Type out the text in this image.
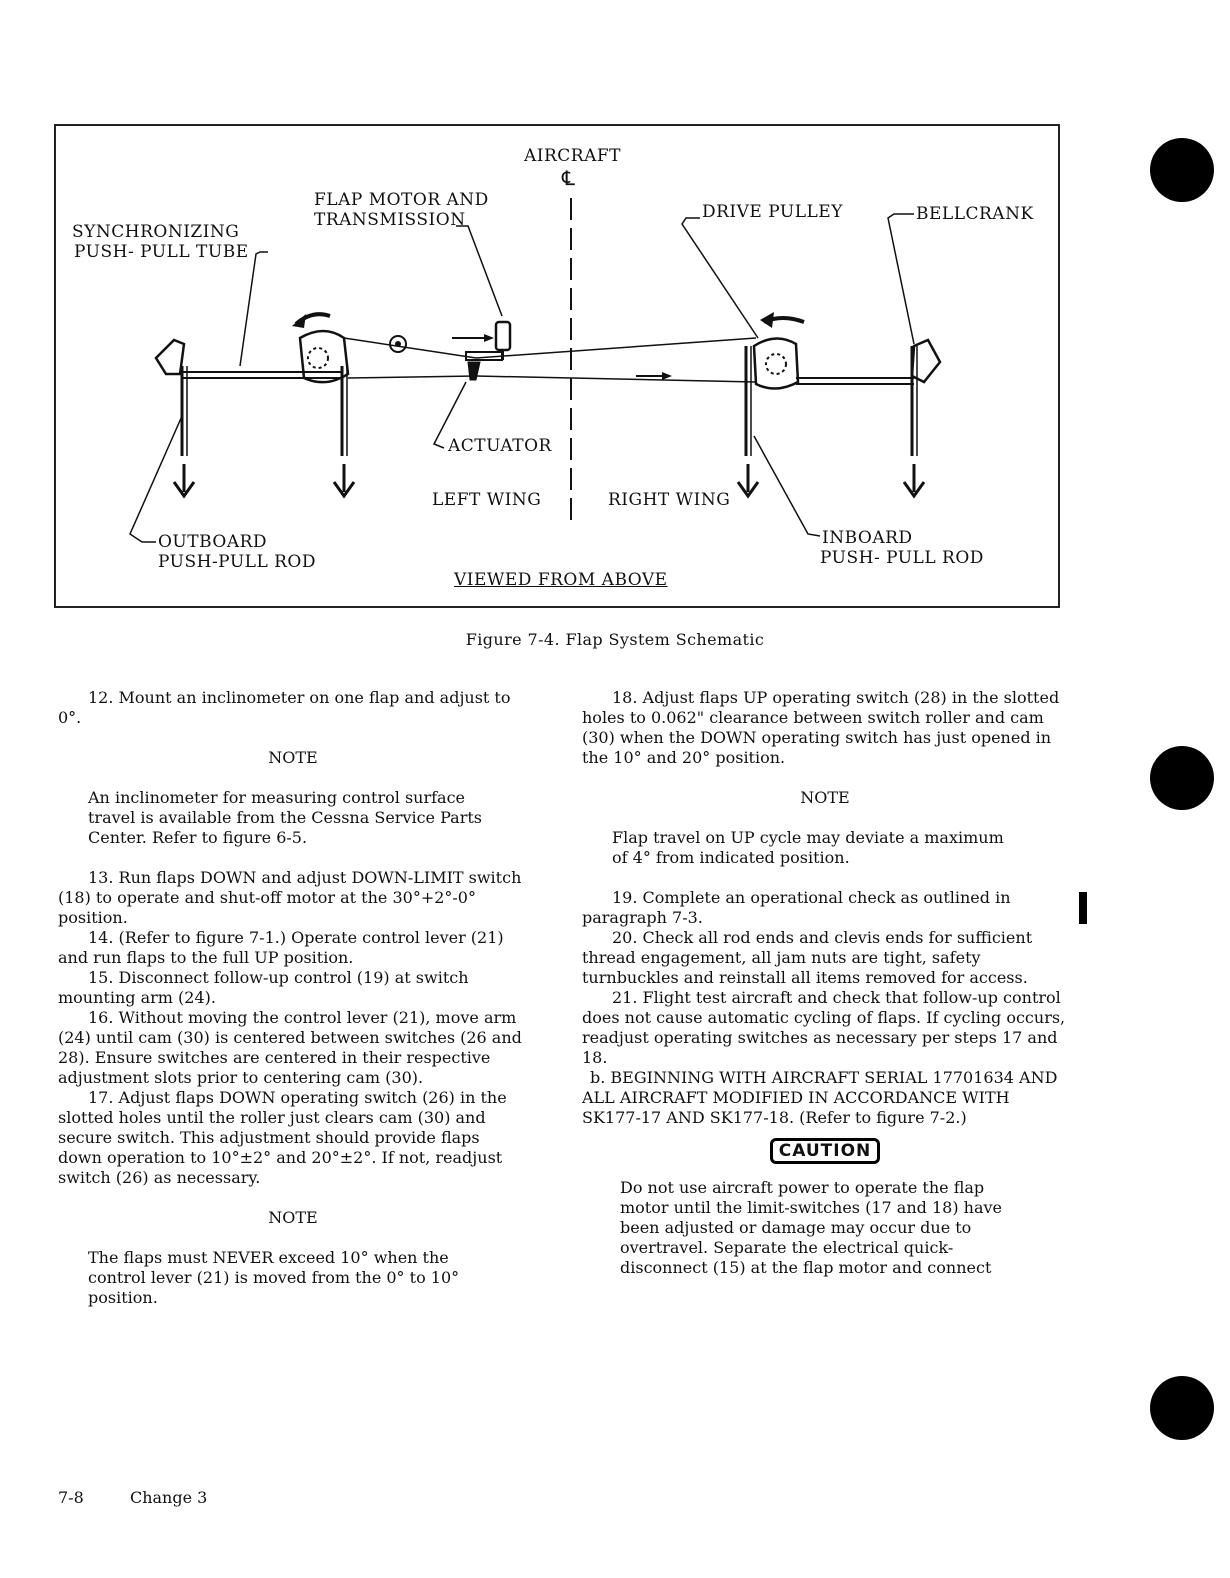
AIRCRAFT
℄
FLAP MOTOR AND
TRANSMISSION
SYNCHRONIZING
PUSH- PULL TUBE
DRIVE PULLEY	BELLCRANK
ACTUATOR
LEFT WING	RIGHT WING
OUTBOARD
PUSH-PULL ROD
INBOARD
PUSH- PULL ROD
VIEWED FROM ABOVE
Figure 7-4. Flap System Schematic

12. Mount an inclinometer on one flap and adjust to 0°.

NOTE

An inclinometer for measuring control surface travel is available from the Cessna Service Parts Center. Refer to figure 6-5.

13. Run flaps DOWN and adjust DOWN-LIMIT switch (18) to operate and shut-off motor at the 30°+2°-0° position.

14. (Refer to figure 7-1.) Operate control lever (21) and run flaps to the full UP position.

15. Disconnect follow-up control (19) at switch mounting arm (24).

16. Without moving the control lever (21), move arm (24) until cam (30) is centered between switches (26 and 28). Ensure switches are centered in their respective adjustment slots prior to centering cam (30).

17. Adjust flaps DOWN operating switch (26) in the slotted holes until the roller just clears cam (30) and secure switch. This adjustment should provide flaps down operation to 10°±2° and 20°±2°. If not, readjust switch (26) as necessary.

NOTE

The flaps must NEVER exceed 10° when the control lever (21) is moved from the 0° to 10° position.

18. Adjust flaps UP operating switch (28) in the slotted holes to 0.062" clearance between switch roller and cam (30) when the DOWN operating switch has just opened in the 10° and 20° position.

NOTE

Flap travel on UP cycle may deviate a maximum of 4° from indicated position.

19. Complete an operational check as outlined in paragraph 7-3.

20. Check all rod ends and clevis ends for sufficient thread engagement, all jam nuts are tight, safety turnbuckles and reinstall all items removed for access.

21. Flight test aircraft and check that follow-up control does not cause automatic cycling of flaps. If cycling occurs, readjust operating switches as necessary per steps 17 and 18.

b. BEGINNING WITH AIRCRAFT SERIAL 17701634 AND ALL AIRCRAFT MODIFIED IN ACCORDANCE WITH SK177-17 AND SK177-18. (Refer to figure 7-2.)

CAUTION

Do not use aircraft power to operate the flap motor until the limit-switches (17 and 18) have been adjusted or damage may occur due to overtravel. Separate the electrical quick-disconnect (15) at the flap motor and connect

7-8	Change 3
